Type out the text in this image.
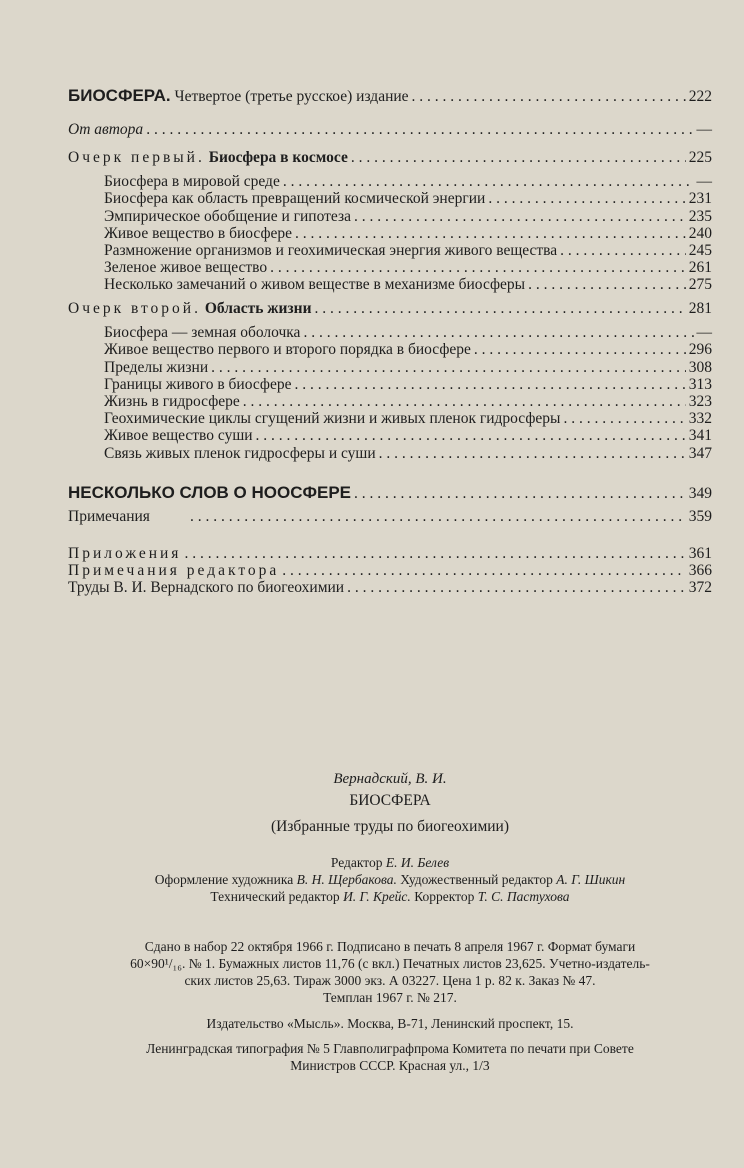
БИОСФЕРА. Четвертое (третье русское) издание . . .	222
От автора . . .	—
Очерк первый. Биосфера в космосе . . .	225
Биосфера в мировой среде . . .	—
Биосфера как область превращений космической энергии . . .	231
Эмпирическое обобщение и гипотеза . . .	235
Живое вещество в биосфере . . .	240
Размножение организмов и геохимическая энергия живого вещества . . .	245
Зеленое живое вещество . . .	261
Несколько замечаний о живом веществе в механизме биосферы . . .	275
Очерк второй. Область жизни . . .	281
Биосфера — земная оболочка . . .	—
Живое вещество первого и второго порядка в биосфере . . .	296
Пределы жизни . . .	308
Границы живого в биосфере . . .	313
Жизнь в гидросфере . . .	323
Геохимические циклы сгущений жизни и живых пленок гидросферы . . .	332
Живое вещество суши . . .	341
Связь живых пленок гидросферы и суши . . .	347
НЕСКОЛЬКО СЛОВ О НООСФЕРЕ . . .	349
Примечания . . .	359
Приложения . . .	361
Примечания редактора . . .	366
Труды В. И. Вернадского по биогеохимии . . .	372
Вернадский, В. И.
БИОСФЕРА
(Избранные труды по биогеохимии)
Редактор Е. И. Белев
Оформление художника В. Н. Щербакова. Художественный редактор А. Г. Шикин
Технический редактор И. Г. Крейс. Корректор Т. С. Пастухова
Сдано в набор 22 октября 1966 г. Подписано в печать 8 апреля 1967 г. Формат бумаги
60×90¹/₁₆. № 1. Бумажных листов 11,76 (с вкл.) Печатных листов 23,625. Учетно-издатель-
ских листов 25,63. Тираж 3000 экз. А 03227. Цена 1 р. 82 к. Заказ № 47.
Темплан 1967 г. № 217.
Издательство «Мысль». Москва, В-71, Ленинский проспект, 15.
Ленинградская типография № 5 Главполиграфпрома Комитета по печати при Совете
Министров СССР. Красная ул., 1/3
